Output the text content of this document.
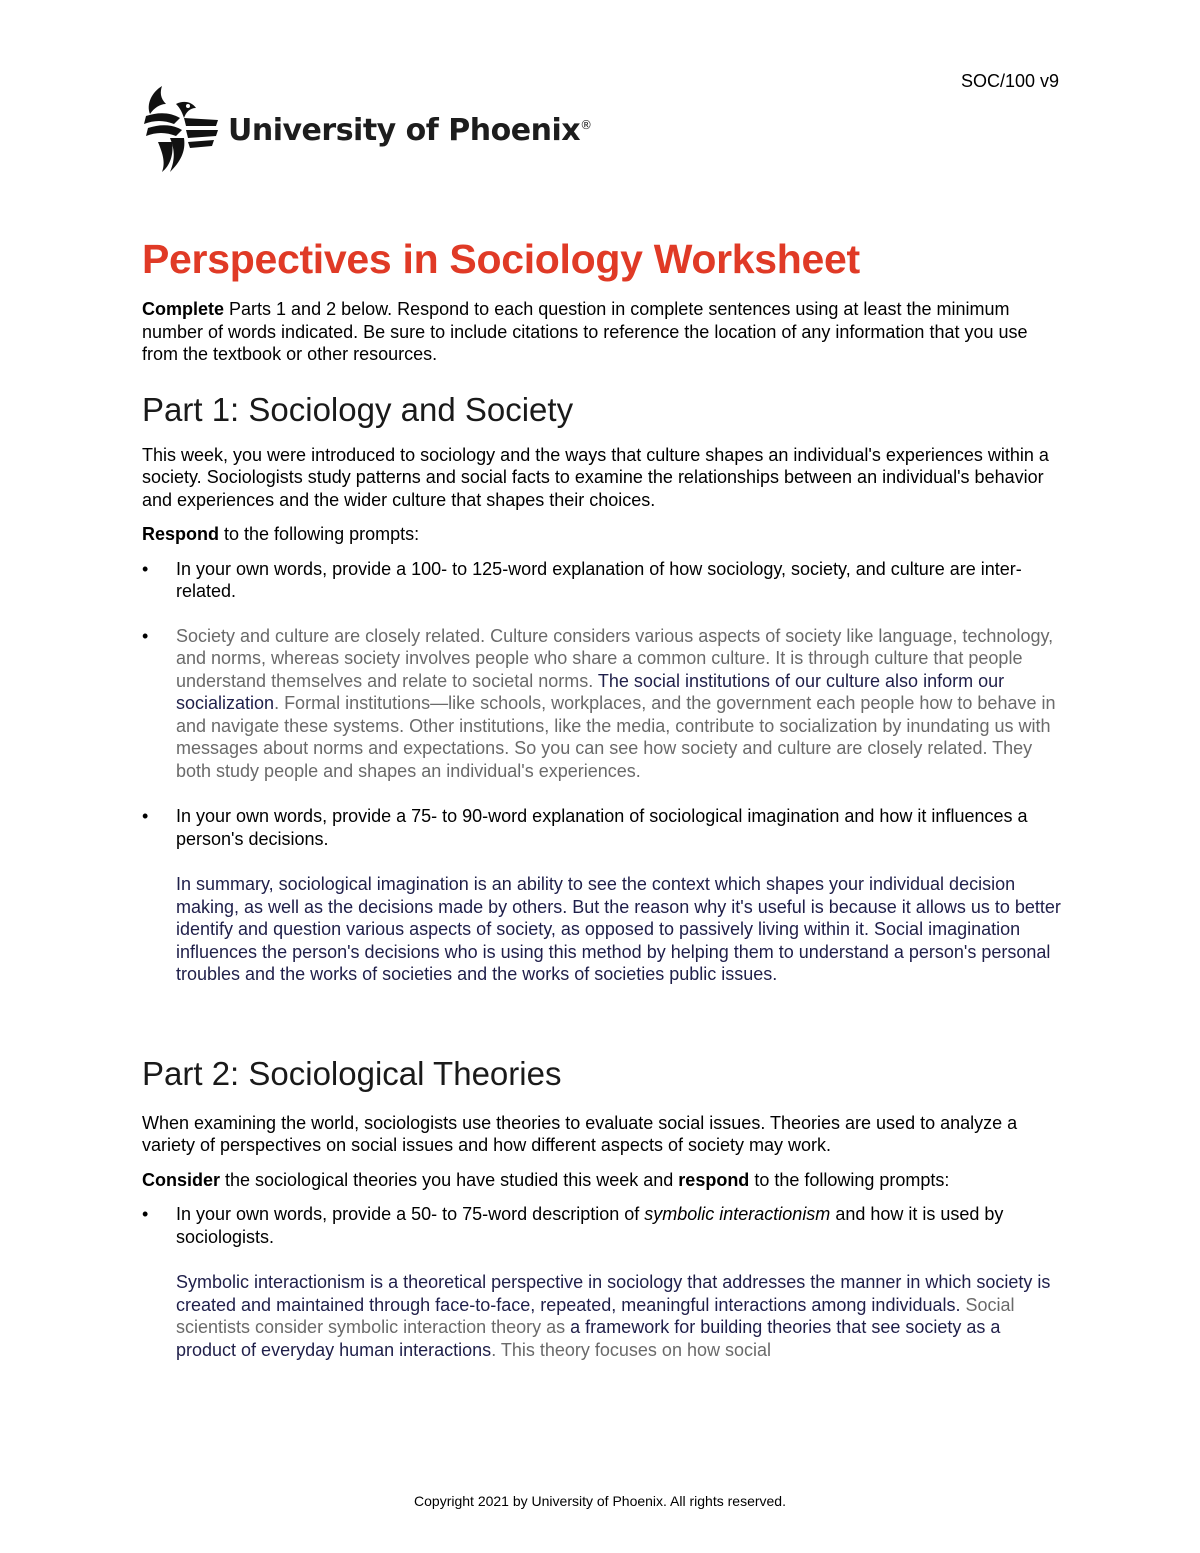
SOC/100 v9
University of Phoenix®
Perspectives in Sociology Worksheet

Complete Parts 1 and 2 below. Respond to each question in complete sentences using at least the minimum number of words indicated. Be sure to include citations to reference the location of any information that you use from the textbook or other resources.

Part 1: Sociology and Society

This week, you were introduced to sociology and the ways that culture shapes an individual's experiences within a society. Sociologists study patterns and social facts to examine the relationships between an individual's behavior and experiences and the wider culture that shapes their choices.

Respond to the following prompts:

• In your own words, provide a 100- to 125-word explanation of how sociology, society, and culture are inter-related.
• Society and culture are closely related. Culture considers various aspects of society like language, technology, and norms, whereas society involves people who share a common culture. It is through culture that people understand themselves and relate to societal norms. The social institutions of our culture also inform our socialization. Formal institutions—like schools, workplaces, and the government each people how to behave in and navigate these systems. Other institutions, like the media, contribute to socialization by inundating us with messages about norms and expectations. So you can see how society and culture are closely related. They both study people and shapes an individual's experiences.
• In your own words, provide a 75- to 90-word explanation of sociological imagination and how it influences a person's decisions.

In summary, sociological imagination is an ability to see the context which shapes your individual decision making, as well as the decisions made by others. But the reason why it's useful is because it allows us to better identify and question various aspects of society, as opposed to passively living within it. Social imagination influences the person's decisions who is using this method by helping them to understand a person's personal troubles and the works of societies and the works of societies public issues.

Part 2: Sociological Theories

When examining the world, sociologists use theories to evaluate social issues. Theories are used to analyze a variety of perspectives on social issues and how different aspects of society may work.

Consider the sociological theories you have studied this week and respond to the following prompts:

• In your own words, provide a 50- to 75-word description of symbolic interactionism and how it is used by sociologists.

Symbolic interactionism is a theoretical perspective in sociology that addresses the manner in which society is created and maintained through face-to-face, repeated, meaningful interactions among individuals. Social scientists consider symbolic interaction theory as a framework for building theories that see society as a product of everyday human interactions. This theory focuses on how social

Copyright 2021 by University of Phoenix. All rights reserved.
